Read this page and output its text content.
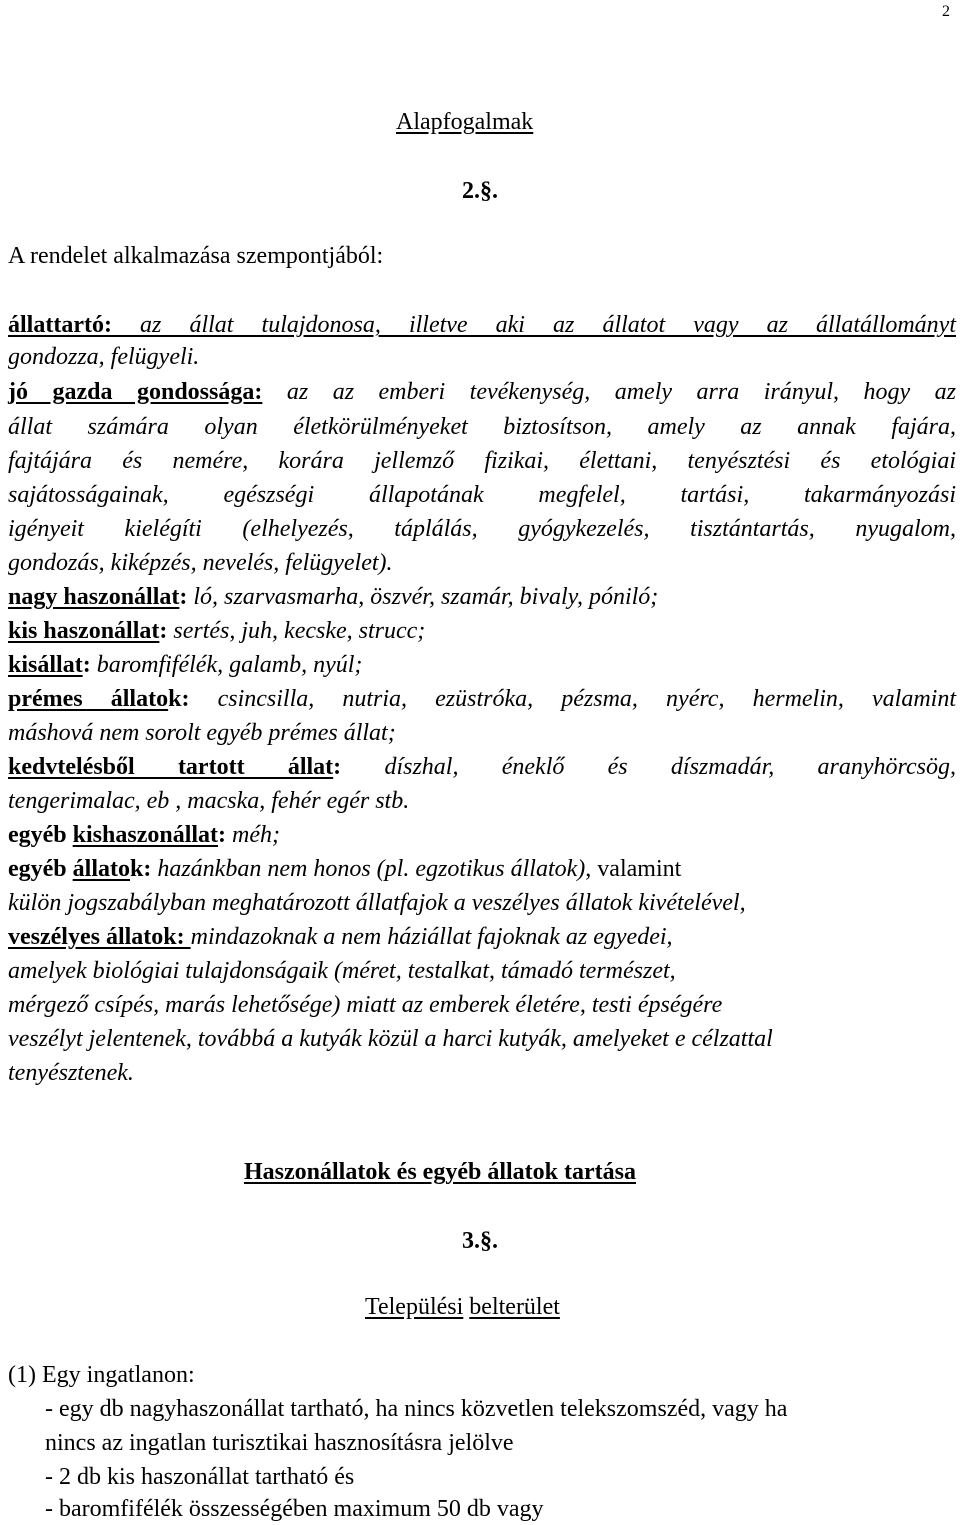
2
Alapfogalmak
2.§.
A rendelet alkalmazása szempontjából:
állattartó: az állat tulajdonosa, illetve aki az állatot vagy az állatállományt
gondozza, felügyeli.
jó gazda gondossága: az az emberi tevékenység, amely arra irányul, hogy az
állat számára olyan életkörülményeket biztosítson, amely az annak fajára,
fajtájára és nemére, korára jellemző fizikai, élettani, tenyésztési és etológiai
sajátosságainak, egészségi állapotának megfelel, tartási, takarmányozási
igényeit kielégíti (elhelyezés, táplálás, gyógykezelés, tisztántartás, nyugalom,
gondozás, kiképzés, nevelés, felügyelet).
nagy haszonállat: ló, szarvasmarha, öszvér, szamár, bivaly, póniló;
kis haszonállat: sertés, juh, kecske, strucc;
kisállat: baromfifélék, galamb, nyúl;
prémes állatok: csincsilla, nutria, ezüstróka, pézsma, nyérc, hermelin, valamint
máshová nem sorolt egyéb prémes állat;
kedvtelésből tartott állat: díszhal, éneklő és díszmadár, aranyhörcsög,
tengerimalac, eb , macska, fehér egér stb.
egyéb kishaszonállat: méh;
egyéb állatok: hazánkban nem honos (pl. egzotikus állatok), valamint
külön jogszabályban meghatározott állatfajok a veszélyes állatok kivételével,
veszélyes állatok: mindazoknak a nem háziállat fajoknak az egyedei,
amelyek biológiai tulajdonságaik (méret, testalkat, támadó természet,
mérgező csípés, marás lehetősége) miatt az emberek életére, testi épségére
veszélyt jelentenek, továbbá a kutyák közül a harci kutyák, amelyeket e célzattal
tenyésztenek.
Haszonállatok és egyéb állatok tartása
3.§.
Települési belterület
(1) Egy ingatlanon:
- egy db nagyhaszonállat tartható, ha nincs közvetlen telekszomszéd, vagy ha
nincs az ingatlan turisztikai hasznosításra jelölve
- 2 db kis haszonállat tartható és
- baromfifélék összességében maximum 50 db vagy
